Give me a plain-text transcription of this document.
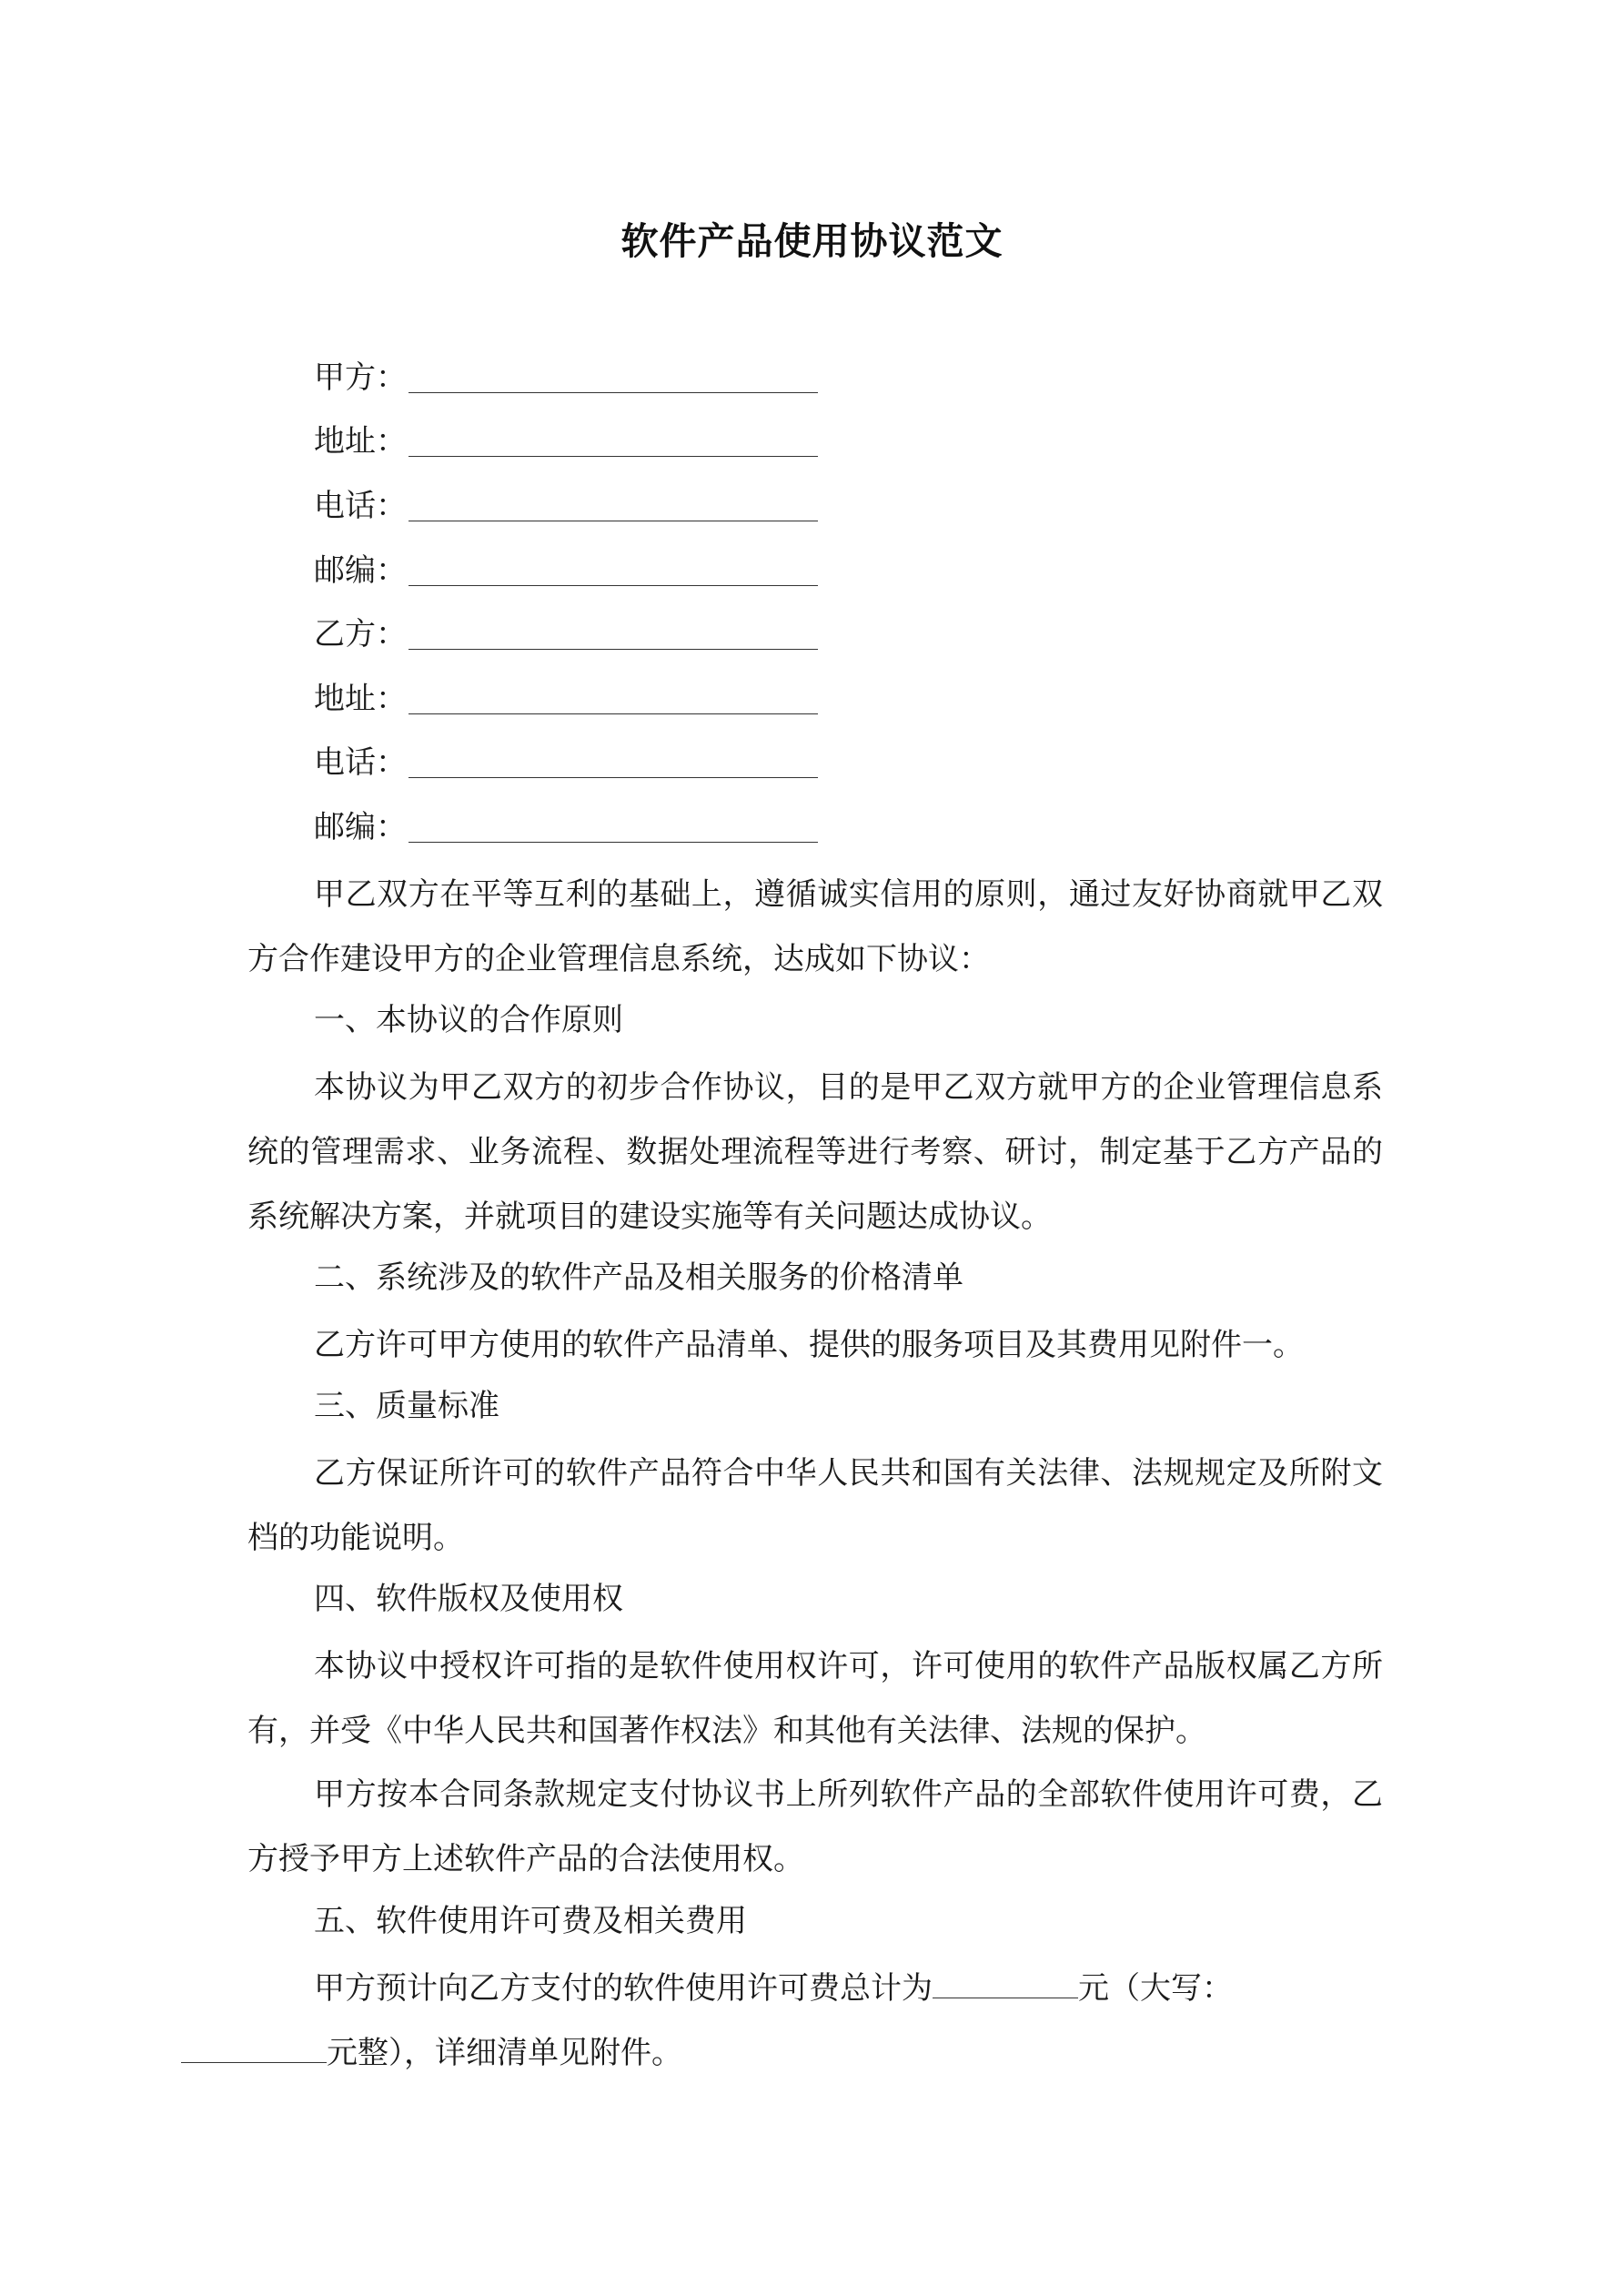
软件产品使用协议范文
甲方：
地址：
电话：
邮编：
乙方：
地址：
电话：
邮编：

甲乙双方在平等互利的基础上，遵循诚实信用的原则，通过友好协商就甲乙双方合作建设甲方的企业管理信息系统，达成如下协议：

一、本协议的合作原则

本协议为甲乙双方的初步合作协议，目的是甲乙双方就甲方的企业管理信息系统的管理需求、业务流程、数据处理流程等进行考察、研讨，制定基于乙方产品的系统解决方案，并就项目的建设实施等有关问题达成协议。

二、系统涉及的软件产品及相关服务的价格清单

乙方许可甲方使用的软件产品清单、提供的服务项目及其费用见附件一。

三、质量标准

乙方保证所许可的软件产品符合中华人民共和国有关法律、法规规定及所附文档的功能说明。

四、软件版权及使用权

本协议中授权许可指的是软件使用权许可，许可使用的软件产品版权属乙方所有，并受《中华人民共和国著作权法》和其他有关法律、法规的保护。

甲方按本合同条款规定支付协议书上所列软件产品的全部软件使用许可费，乙方授予甲方上述软件产品的合法使用权。

五、软件使用许可费及相关费用

甲方预计向乙方支付的软件使用许可费总计为	元（大写：
元整），详细清单见附件。
